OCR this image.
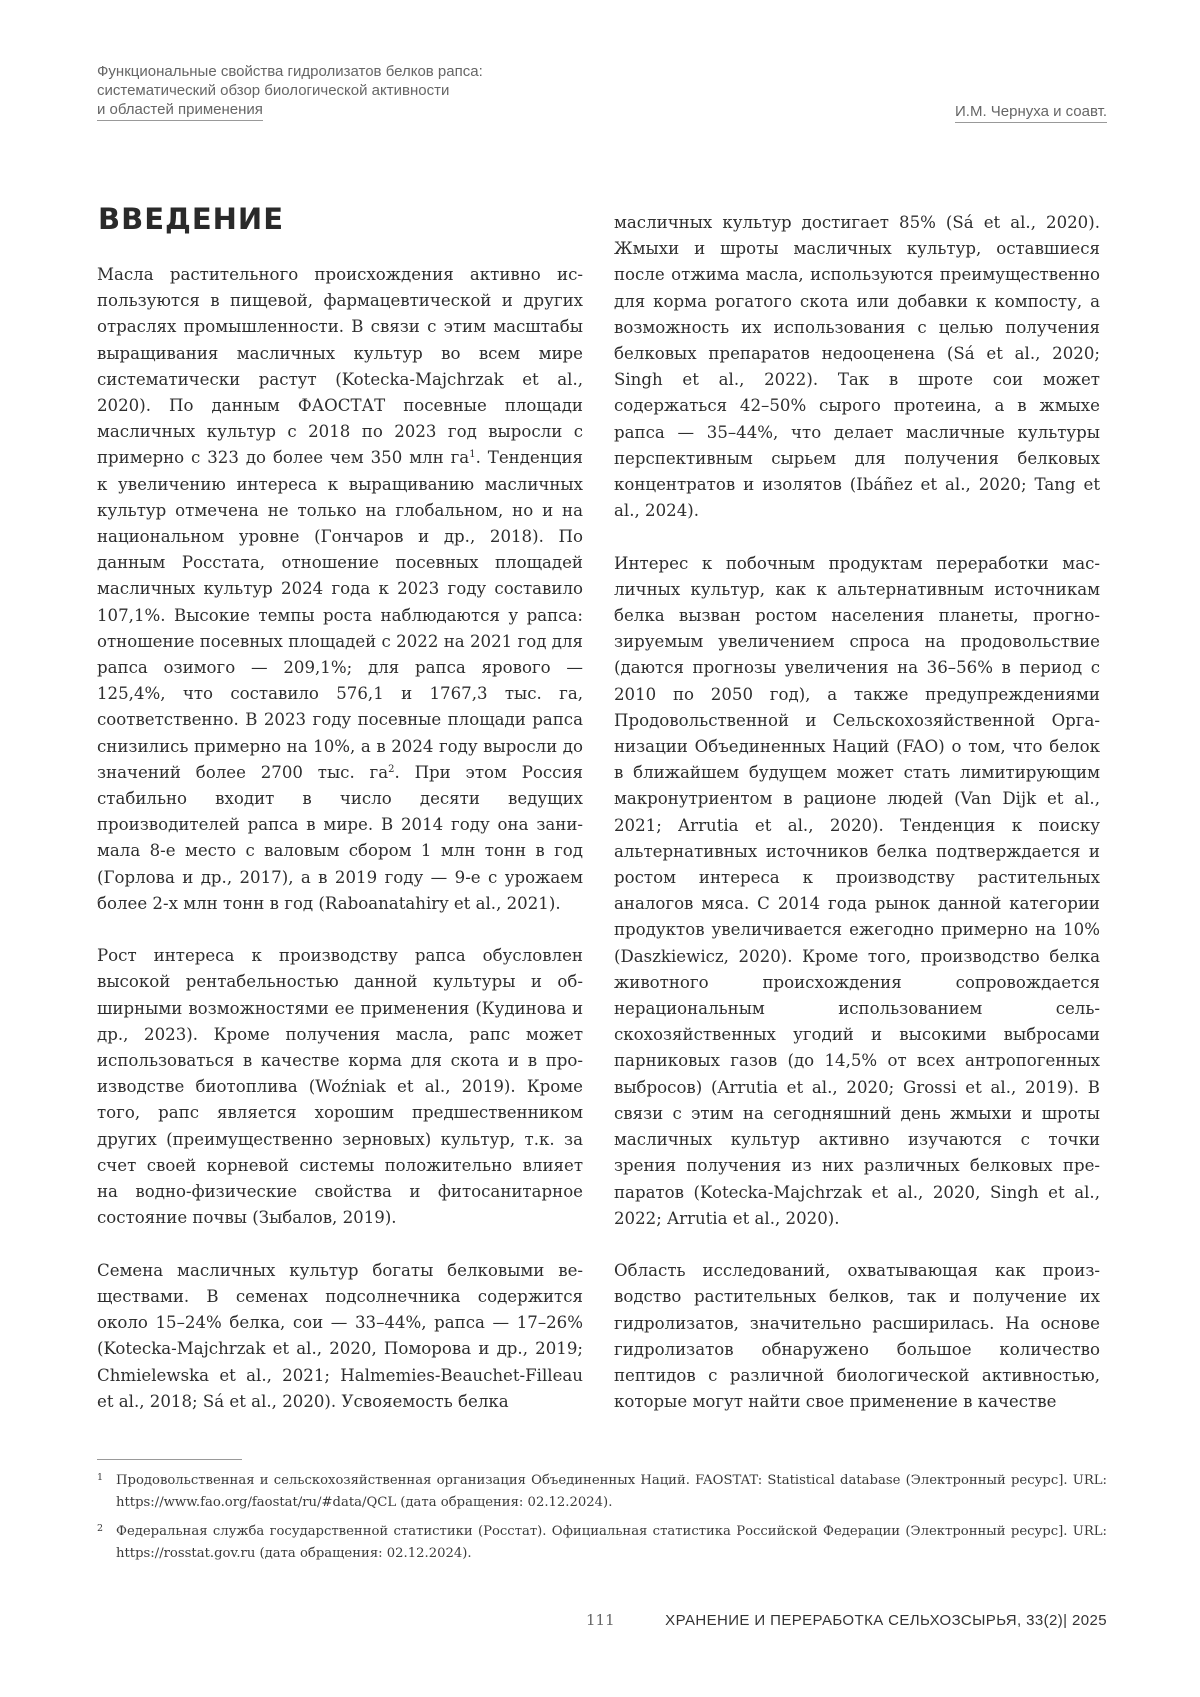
Функциональные свойства гидролизатов белков рапса:
систематический обзор биологической активности
и областей применения	И.М. Чернуха и соавт.
ВВЕДЕНИЕ

Масла растительного происхождения активно используются в пищевой, фармацевтической и других отраслях промышленности. В связи с этим масштабы выращивания масличных культур во всем мире систематически растут (Kotecka-Majchrzak et al., 2020). По данным ФАОСТАТ посевные площади масличных культур с 2018 по 2023 год выросли с примерно с 323 до более чем 350 млн $га^1$. Тенденция к увеличению интереса к выращиванию масличных культур отмечена не только на глобальном, но и на национальном уровне (Гончаров и др., 2018). По данным Росстата, отношение посевных площадей масличных культур 2024 года к 2023 году составило 107,1%. Высокие темпы роста наблюдаются у рапса: отношение посевных площадей с 2022 на 2021 год для рапса озимого — 209,1%; для рапса ярового — 125,4%, что составило 576,1 и 1767,3 тыс. га, соответственно. В 2023 году посевные площади рапса снизились примерно на 10%, а в 2024 году выросли до значений более 2700 тыс. $га^2$. При этом Россия стабильно входит в число десяти ведущих производителей рапса в мире. В 2014 году она занимала 8-е место с валовым сбором 1 млн тонн в год (Горлова и др., 2017), а в 2019 году — 9-е с урожаем более 2-х млн тонн в год (Raboanatahiry et al., 2021).

Рост интереса к производству рапса обусловлен высокой рентабельностью данной культуры и обширными возможностями ее применения (Кудинова и др., 2023). Кроме получения масла, рапс может использоваться в качестве корма для скота и в производстве биотоплива (Woźniak et al., 2019). Кроме того, рапс является хорошим предшественником других (преимущественно зерновых) культур, т.к. за счет своей корневой системы положительно влияет на водно-физические свойства и фитосанитарное состояние почвы (Зыбалов, 2019).

Семена масличных культур богаты белковыми веществами. В семенах подсолнечника содержится около 15–24% белка, сои — 33–44%, рапса — 17–26% (Kotecka-Majchrzak et al., 2020, Поморова и др., 2019; Chmielewska et al., 2021; Halmemies-Beauchet-Filleau et al., 2018; Sá et al., 2020). Усвояемость белка

масличных культур достигает 85% (Sá et al., 2020). Жмыхи и шроты масличных культур, оставшиеся после отжима масла, используются преимущественно для корма рогатого скота или добавки к компосту, а возможность их использования с целью получения белковых препаратов недооценена (Sá et al., 2020; Singh et al., 2022). Так в шроте сои может содержаться 42–50% сырого протеина, а в жмыхе рапса — 35–44%, что делает масличные культуры перспективным сырьем для получения белковых концентратов и изолятов (Ibáñez et al., 2020; Tang et al., 2024).

Интерес к побочным продуктам переработки масличных культур, как к альтернативным источникам белка вызван ростом населения планеты, прогнозируемым увеличением спроса на продовольствие (даются прогнозы увеличения на 36–56% в период с 2010 по 2050 год), а также предупреждениями Продовольственной и Сельскохозяйственной Организации Объединенных Наций (FAO) о том, что белок в ближайшем будущем может стать лимитирующим макронутриентом в рационе людей (Van Dijk et al., 2021; Arrutia et al., 2020). Тенденция к поиску альтернативных источников белка подтверждается и ростом интереса к производству растительных аналогов мяса. С 2014 года рынок данной категории продуктов увеличивается ежегодно примерно на 10% (Daszkiewicz, 2020). Кроме того, производство белка животного происхождения сопровождается нерациональным использованием сельскохозяйственных угодий и высокими выбросами парниковых газов (до 14,5% от всех антропогенных выбросов) (Arrutia et al., 2020; Grossi et al., 2019). В связи с этим на сегодняшний день жмыхи и шроты масличных культур активно изучаются с точки зрения получения из них различных белковых препаратов (Kotecka-Majchrzak et al., 2020, Singh et al., 2022; Arrutia et al., 2020).

Область исследований, охватывающая как производство растительных белков, так и получение их гидролизатов, значительно расширилась. На основе гидролизатов обнаружено большое количество пептидов с различной биологической активностью, которые могут найти свое применение в качестве

1 Продовольственная и сельскохозяйственная организация Объединенных Наций. FAOSTAT: Statistical database (Электронный ресурс]. URL: https://www.fao.org/faostat/ru/#data/QCL (дата обращения: 02.12.2024).
2 Федеральная служба государственной статистики (Росстат). Официальная статистика Российской Федерации (Электронный ресурс]. URL: https://rosstat.gov.ru (дата обращения: 02.12.2024).
111	ХРАНЕНИЕ И ПЕРЕРАБОТКА СЕЛЬХОЗСЫРЬЯ, 33(2)| 2025
